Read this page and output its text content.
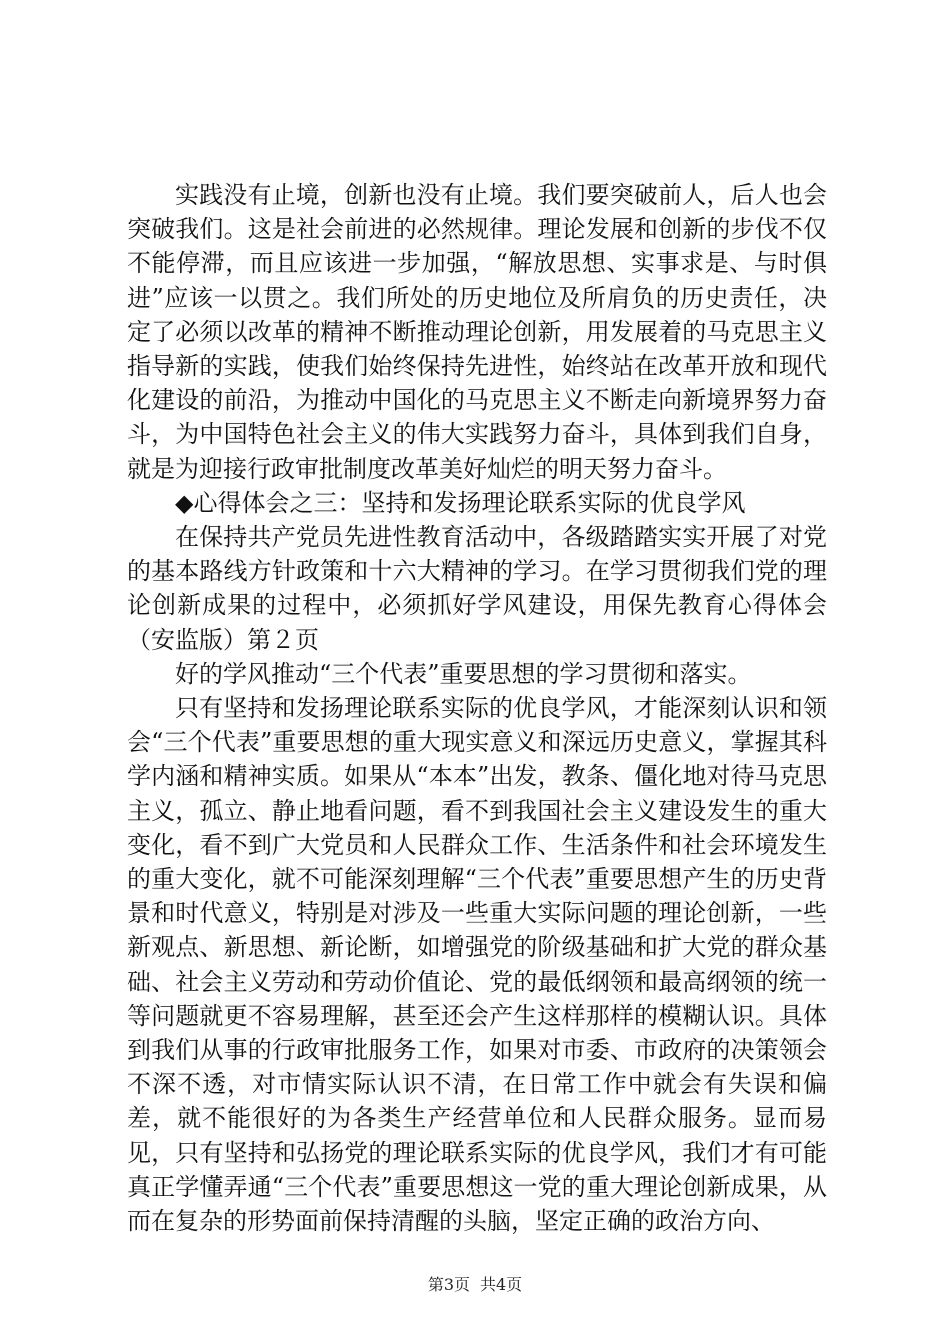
实践没有止境，创新也没有止境。我们要突破前人，后人也会突破我们。这是社会前进的必然规律。理论发展和创新的步伐不仅不能停滞，而且应该进一步加强，“解放思想、实事求是、与时俱进”应该一以贯之。我们所处的历史地位及所肩负的历史责任，决定了必须以改革的精神不断推动理论创新，用发展着的马克思主义指导新的实践，使我们始终保持先进性，始终站在改革开放和现代化建设的前沿，为推动中国化的马克思主义不断走向新境界努力奋斗，为中国特色社会主义的伟大实践努力奋斗，具体到我们自身，就是为迎接行政审批制度改革美好灿烂的明天努力奋斗。

◆心得体会之三：坚持和发扬理论联系实际的优良学风

在保持共产党员先进性教育活动中，各级踏踏实实开展了对党的基本路线方针政策和十六大精神的学习。在学习贯彻我们党的理论创新成果的过程中，必须抓好学风建设，用保先教育心得体会（安监版）第２页

好的学风推动“三个代表”重要思想的学习贯彻和落实。

只有坚持和发扬理论联系实际的优良学风，才能深刻认识和领会“三个代表”重要思想的重大现实意义和深远历史意义，掌握其科学内涵和精神实质。如果从“本本”出发，教条、僵化地对待马克思主义，孤立、静止地看问题，看不到我国社会主义建设发生的重大变化，看不到广大党员和人民群众工作、生活条件和社会环境发生的重大变化，就不可能深刻理解“三个代表”重要思想产生的历史背景和时代意义，特别是对涉及一些重大实际问题的理论创新，一些新观点、新思想、新论断，如增强党的阶级基础和扩大党的群众基础、社会主义劳动和劳动价值论、党的最低纲领和最高纲领的统一等问题就更不容易理解，甚至还会产生这样那样的模糊认识。具体到我们从事的行政审批服务工作，如果对市委、市政府的决策领会不深不透，对市情实际认识不清，在日常工作中就会有失误和偏差，就不能很好的为各类生产经营单位和人民群众服务。显而易见，只有坚持和弘扬党的理论联系实际的优良学风，我们才有可能真正学懂弄通“三个代表”重要思想这一党的重大理论创新成果，从而在复杂的形势面前保持清醒的头脑，坚定正确的政治方向、

第3页 共4页
